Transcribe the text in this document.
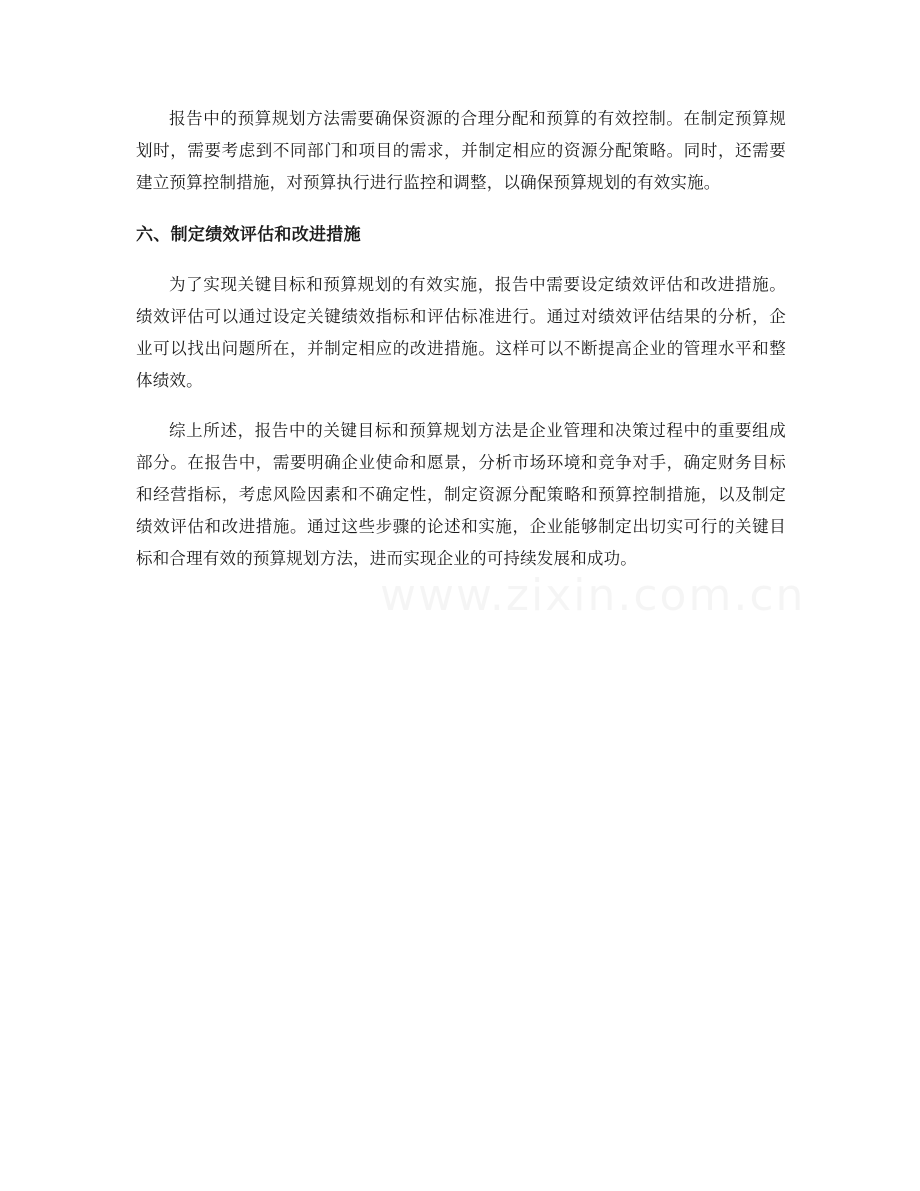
报告中的预算规划方法需要确保资源的合理分配和预算的有效控制。在制定预算规划时，需要考虑到不同部门和项目的需求，并制定相应的资源分配策略。同时，还需要建立预算控制措施，对预算执行进行监控和调整，以确保预算规划的有效实施。

六、制定绩效评估和改进措施

为了实现关键目标和预算规划的有效实施，报告中需要设定绩效评估和改进措施。绩效评估可以通过设定关键绩效指标和评估标准进行。通过对绩效评估结果的分析，企业可以找出问题所在，并制定相应的改进措施。这样可以不断提高企业的管理水平和整体绩效。

综上所述，报告中的关键目标和预算规划方法是企业管理和决策过程中的重要组成部分。在报告中，需要明确企业使命和愿景，分析市场环境和竞争对手，确定财务目标和经营指标，考虑风险因素和不确定性，制定资源分配策略和预算控制措施，以及制定绩效评估和改进措施。通过这些步骤的论述和实施，企业能够制定出切实可行的关键目标和合理有效的预算规划方法，进而实现企业的可持续发展和成功。
